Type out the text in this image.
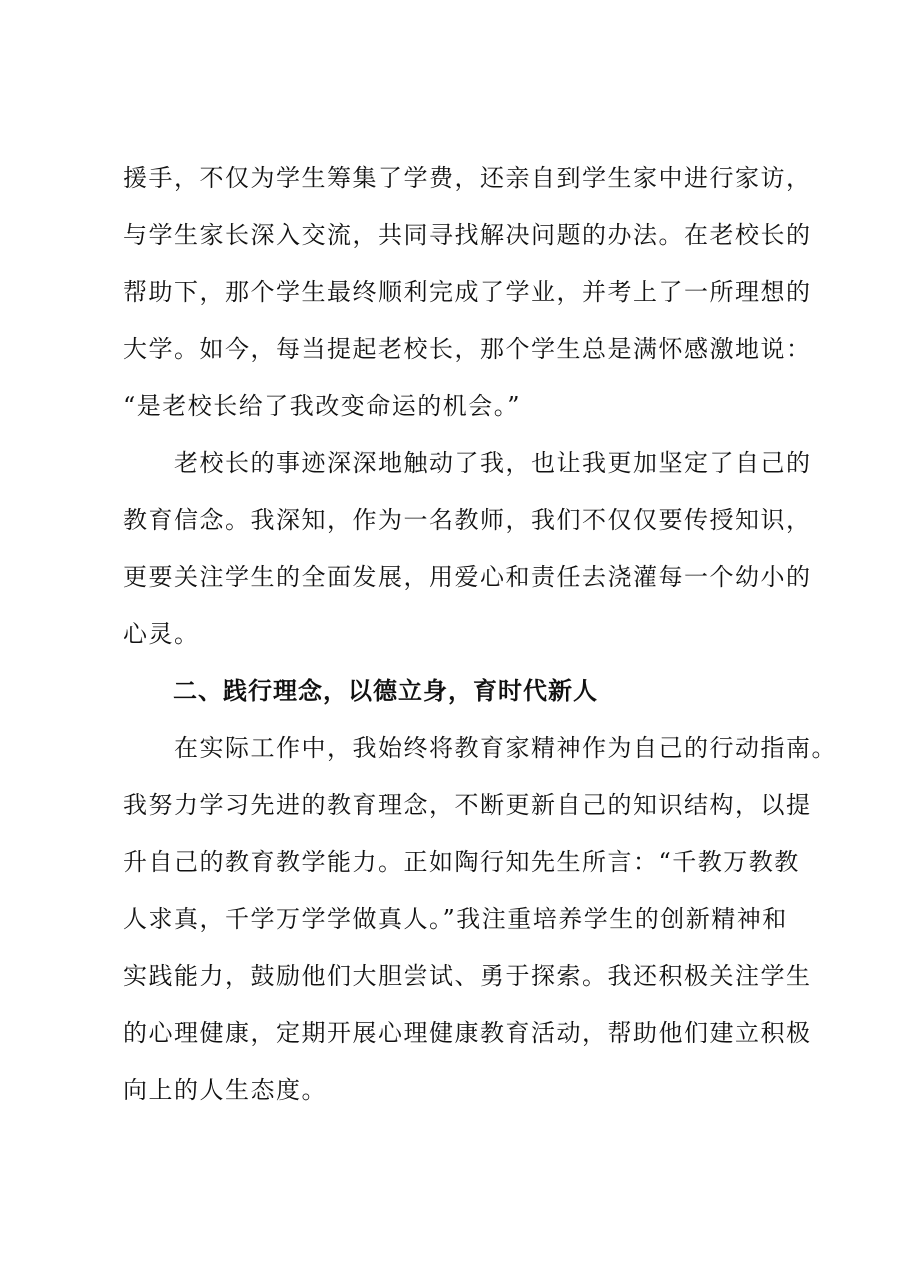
援手，不仅为学生筹集了学费，还亲自到学生家中进行家访，
与学生家长深入交流，共同寻找解决问题的办法。在老校长的
帮助下，那个学生最终顺利完成了学业，并考上了一所理想的
大学。如今，每当提起老校长，那个学生总是满怀感激地说：
“是老校长给了我改变命运的机会。”
　　老校长的事迹深深地触动了我，也让我更加坚定了自己的
教育信念。我深知，作为一名教师，我们不仅仅要传授知识，
更要关注学生的全面发展，用爱心和责任去浇灌每一个幼小的
心灵。
　　二、践行理念，以德立身，育时代新人
　　在实际工作中，我始终将教育家精神作为自己的行动指南。
我努力学习先进的教育理念，不断更新自己的知识结构，以提
升自己的教育教学能力。正如陶行知先生所言：“千教万教教
人求真，千学万学学做真人。”我注重培养学生的创新精神和
实践能力，鼓励他们大胆尝试、勇于探索。我还积极关注学生
的心理健康，定期开展心理健康教育活动，帮助他们建立积极
向上的人生态度。
